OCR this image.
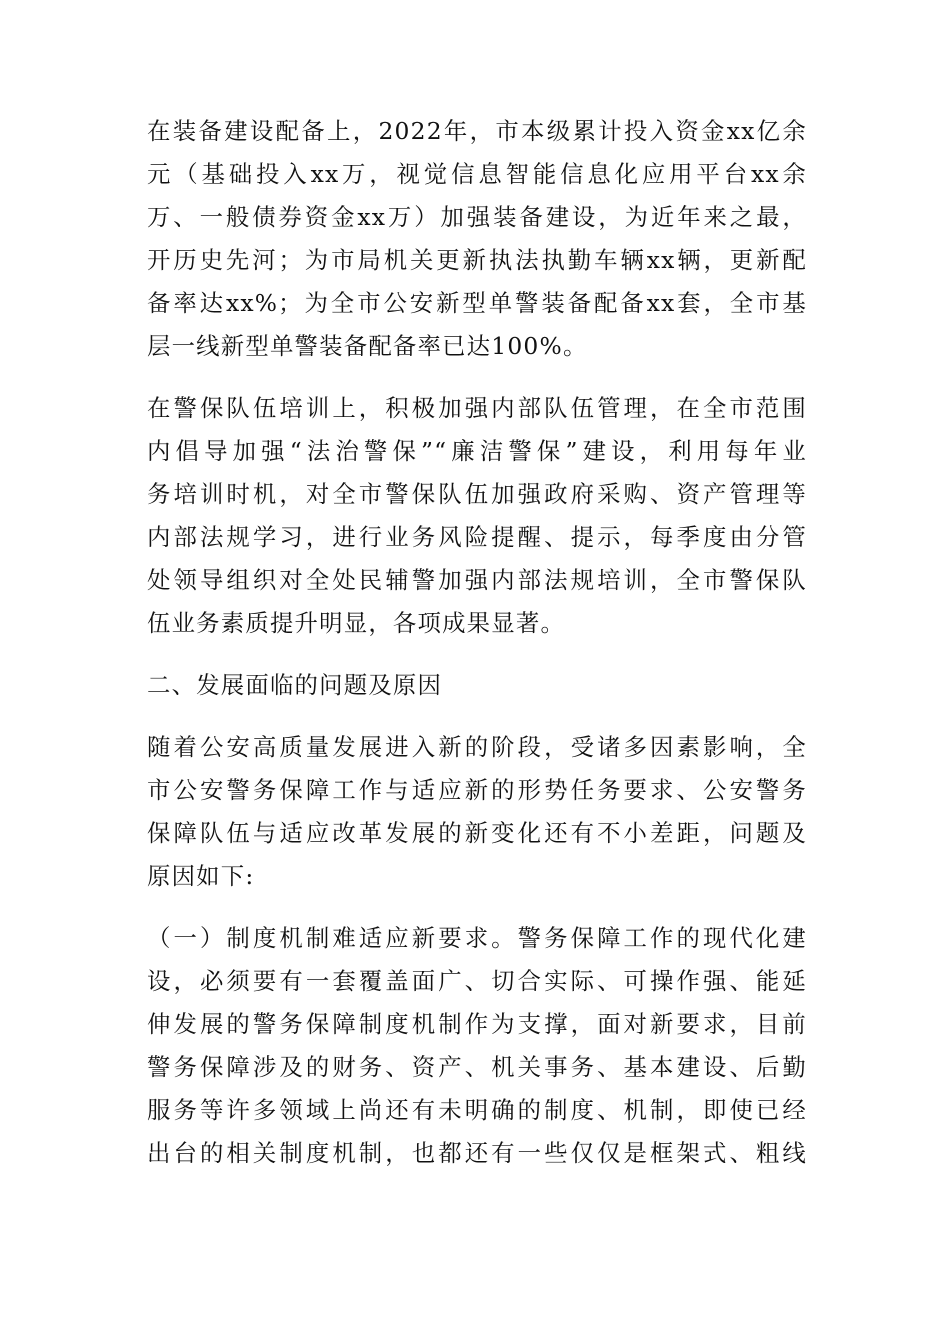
在装备建设配备上，2022年，市本级累计投入资金xx亿余
元（基础投入xx万，视觉信息智能信息化应用平台xx余
万、一般债券资金xx万）加强装备建设，为近年来之最，
开历史先河；为市局机关更新执法执勤车辆xx辆，更新配
备率达xx%；为全市公安新型单警装备配备xx套，全市基
层一线新型单警装备配备率已达100%。

在警保队伍培训上，积极加强内部队伍管理，在全市范围
内倡导加强“法治警保”“廉洁警保”建设，利用每年业
务培训时机，对全市警保队伍加强政府采购、资产管理等
内部法规学习，进行业务风险提醒、提示，每季度由分管
处领导组织对全处民辅警加强内部法规培训，全市警保队
伍业务素质提升明显，各项成果显著。

二、发展面临的问题及原因

随着公安高质量发展进入新的阶段，受诸多因素影响，全
市公安警务保障工作与适应新的形势任务要求、公安警务
保障队伍与适应改革发展的新变化还有不小差距，问题及
原因如下:

（一）制度机制难适应新要求。警务保障工作的现代化建
设，必须要有一套覆盖面广、切合实际、可操作强、能延
伸发展的警务保障制度机制作为支撑，面对新要求，目前
警务保障涉及的财务、资产、机关事务、基本建设、后勤
服务等许多领域上尚还有未明确的制度、机制，即使已经
出台的相关制度机制，也都还有一些仅仅是框架式、粗线
